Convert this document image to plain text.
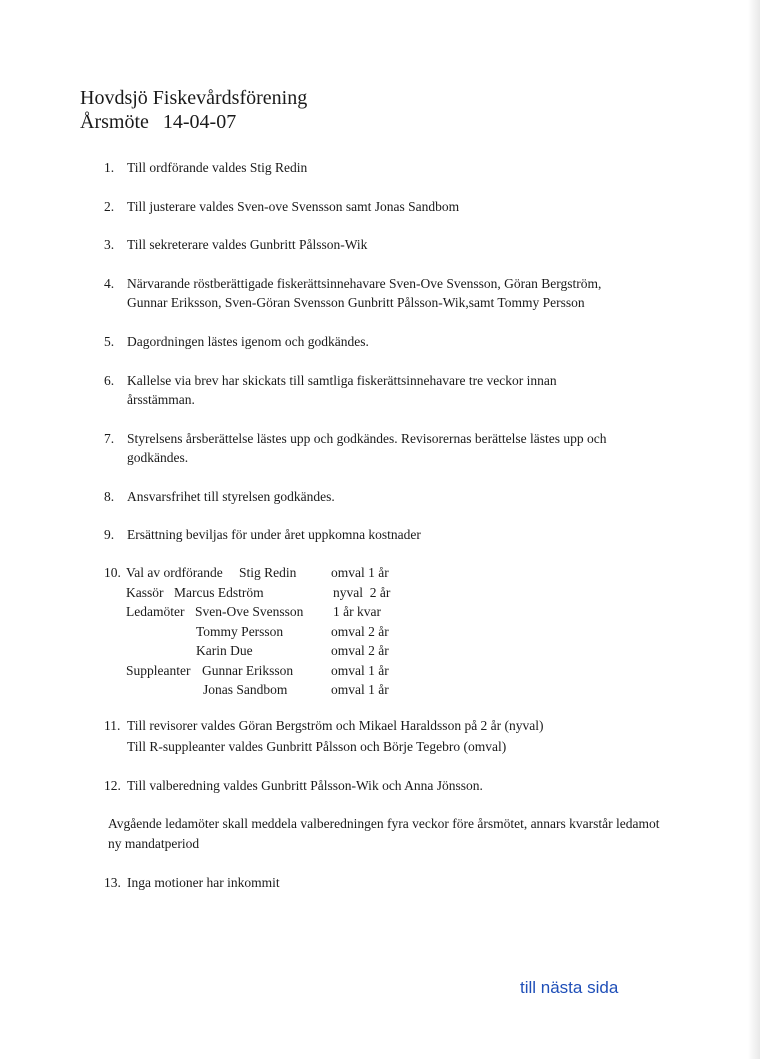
Hovdsjö Fiskevårdsförening
Årsmöte 14-04-07
1. Till ordförande valdes Stig Redin
2. Till justerare valdes Sven-ove Svensson samt Jonas Sandbom
3. Till sekreterare valdes Gunbritt Pålsson-Wik
4. Närvarande röstberättigade fiskerättsinnehavare Sven-Ove Svensson, Göran Bergström,
Gunnar Eriksson, Sven-Göran Svensson Gunbritt Pålsson-Wik,samt Tommy Persson
5. Dagordningen lästes igenom och godkändes.
6. Kallelse via brev har skickats till samtliga fiskerättsinnehavare tre veckor innan
årsstämman.
7. Styrelsens årsberättelse lästes upp och godkändes. Revisorernas berättelse lästes upp och
godkändes.
8. Ansvarsfrihet till styrelsen godkändes.
9. Ersättning beviljas för under året uppkomna kostnader
10. Val av ordförande Stig Redin	omval 1 år
Kassör Marcus Edström	nyval  2 år
Ledamöter Sven-Ove Svensson 1 år kvar
Tommy Persson	omval 2 år
Karin Due	omval 2 år
Suppleanter Gunnar Eriksson	omval 1 år
Jonas Sandbom	omval 1 år
11. Till revisorer valdes Göran Bergström och Mikael Haraldsson på 2 år (nyval)
Till R-suppleanter valdes Gunbritt Pålsson och Börje Tegebro (omval)
12. Till valberedning valdes Gunbritt Pålsson-Wik och Anna Jönsson.
Avgående ledamöter skall meddela valberedningen fyra veckor före årsmötet, annars kvarstår ledamot ny mandatperiod
13. Inga motioner har inkommit
till nästa sida
